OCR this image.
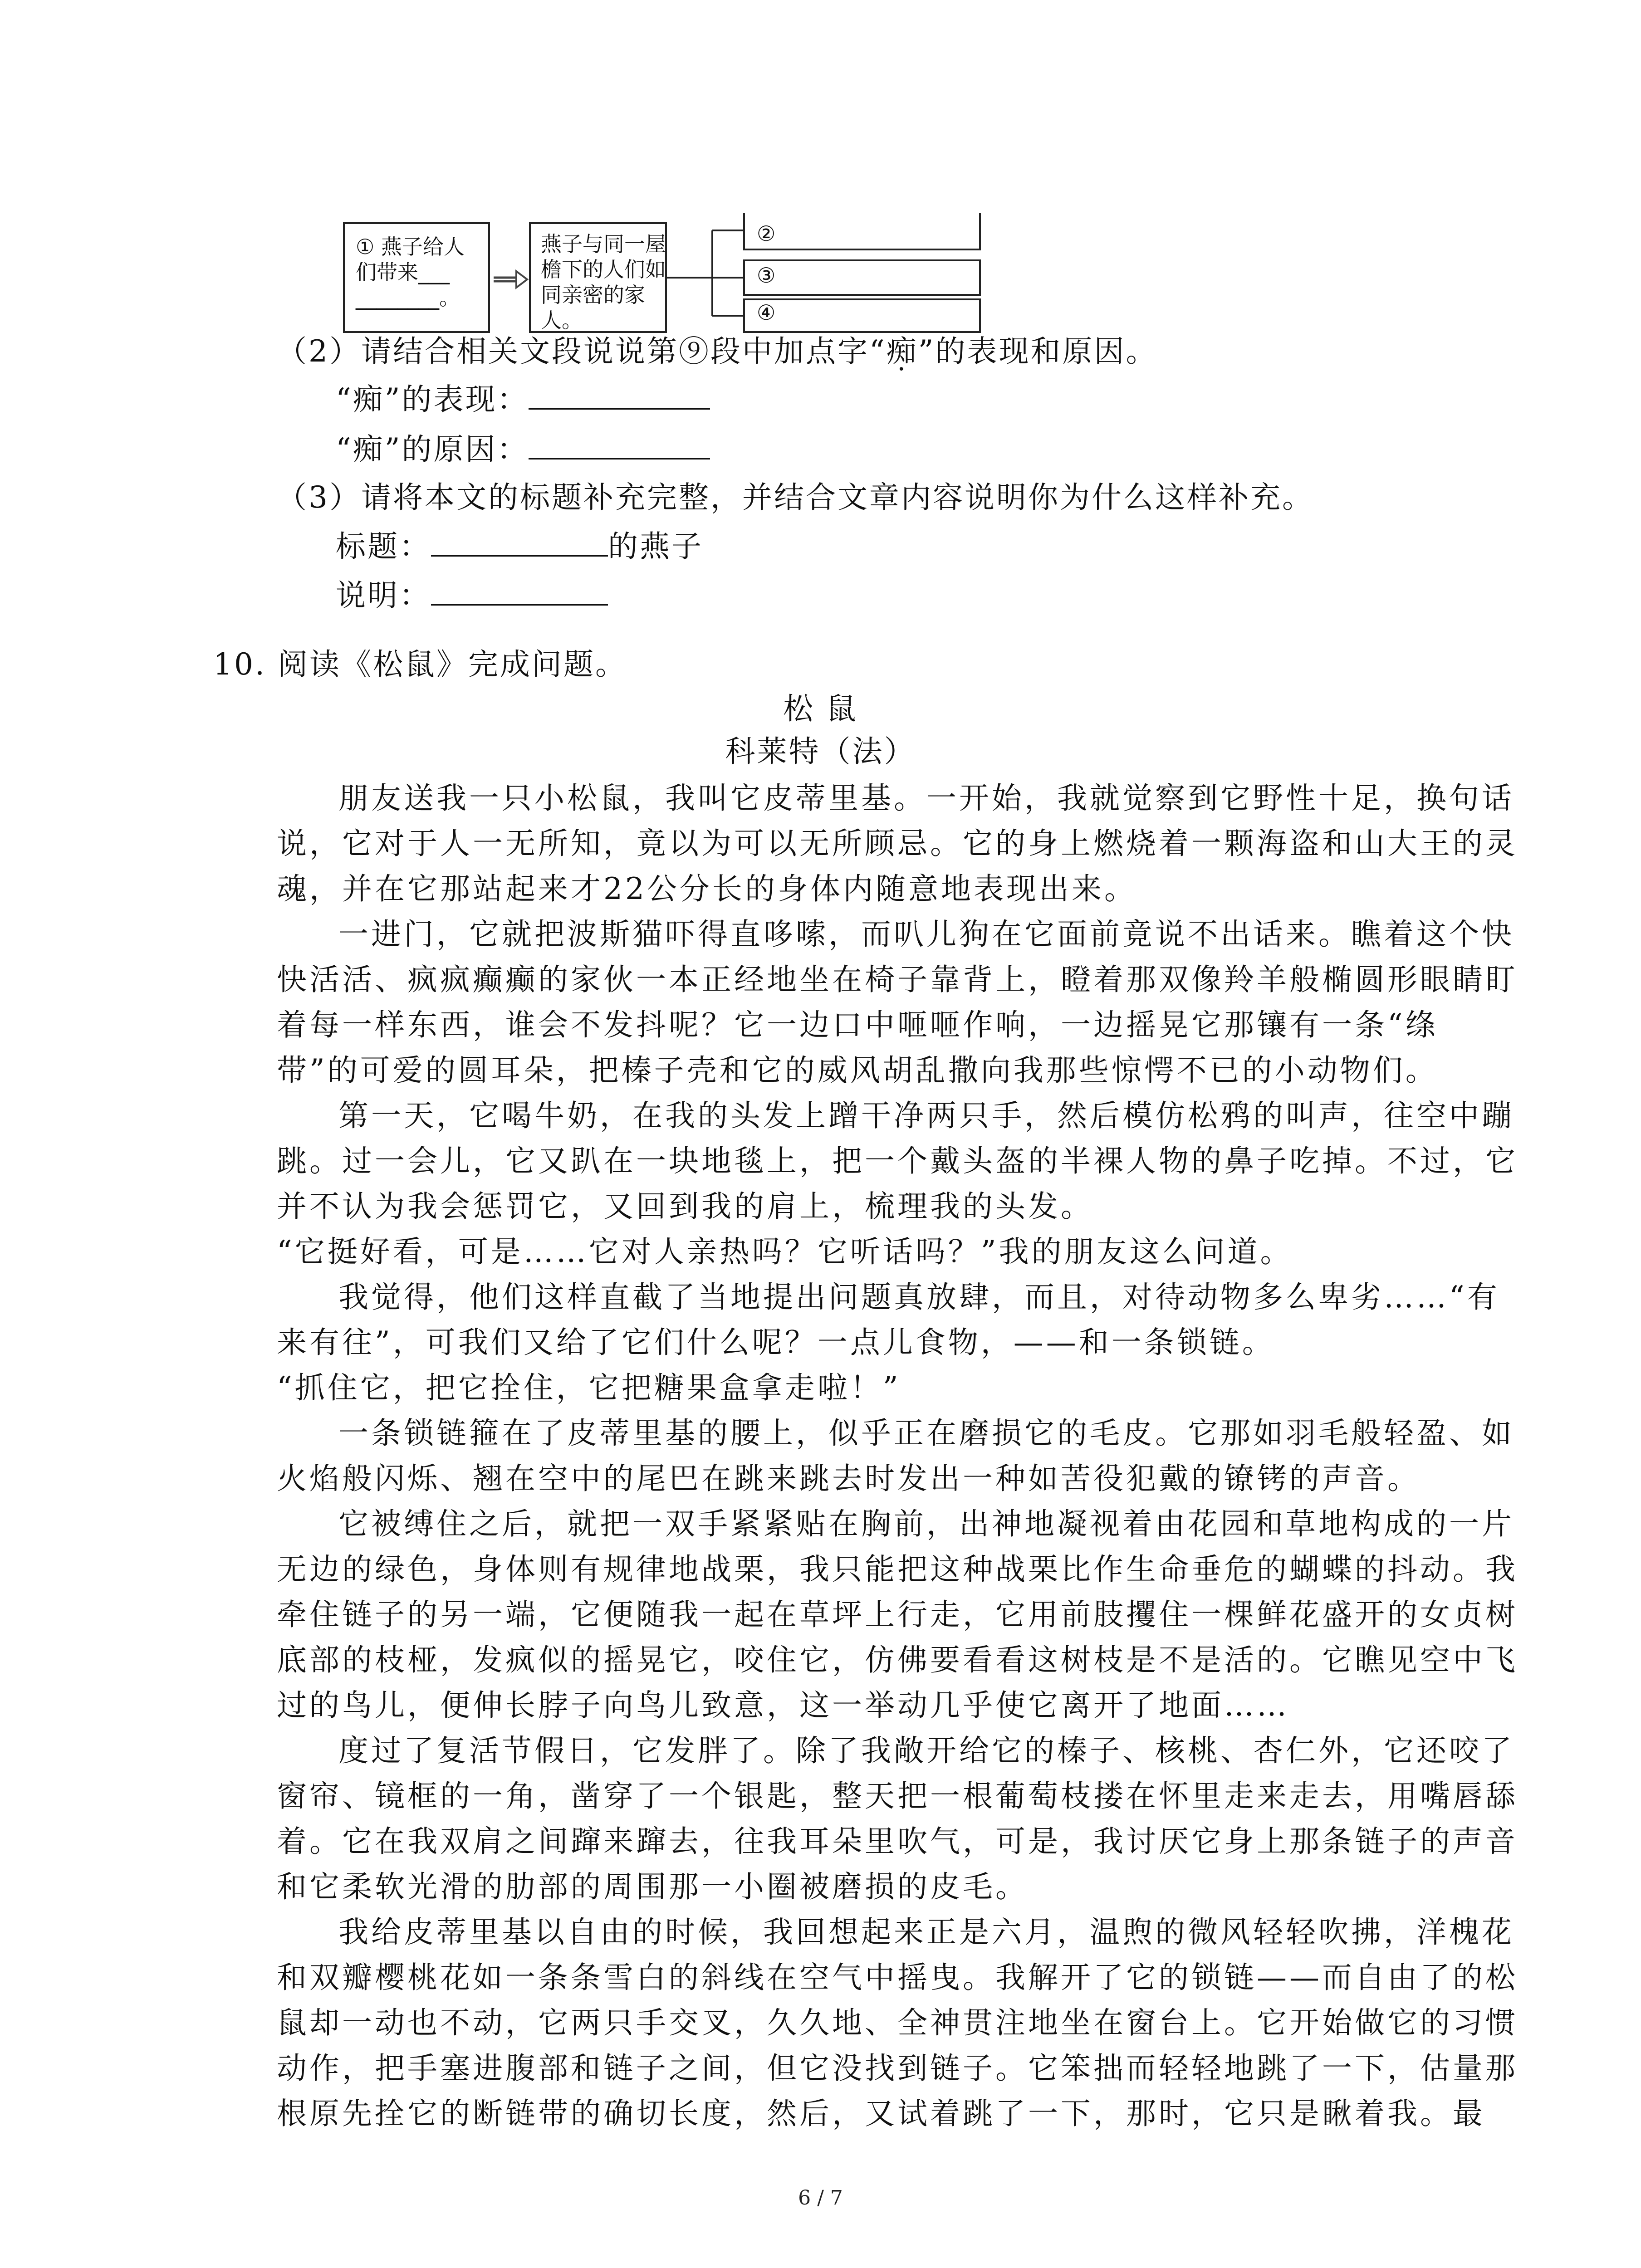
① 燕子给人
们带来___
________。
燕子与同一屋
檐下的人们如
同亲密的家人。
②
③
④
（2）请结合相关文段说说第⑨段中加点字“痴”的表现和原因。
“痴”的表现：
“痴”的原因：
（3）请将本文的标题补充完整，并结合文章内容说明你为什么这样补充。
标题：	的燕子
说明：
10. 阅读《松鼠》完成问题。
松 鼠
科莱特（法）
朋友送我一只小松鼠，我叫它皮蒂里基。一开始，我就觉察到它野性十足，换句话
说，它对于人一无所知，竟以为可以无所顾忌。它的身上燃烧着一颗海盗和山大王的灵
魂，并在它那站起来才22公分长的身体内随意地表现出来。
一进门，它就把波斯猫吓得直哆嗦，而叭儿狗在它面前竟说不出话来。瞧着这个快
快活活、疯疯癫癫的家伙一本正经地坐在椅子靠背上，瞪着那双像羚羊般椭圆形眼睛盯
着每一样东西，谁会不发抖呢？它一边口中咂咂作响，一边摇晃它那镶有一条“绦
带”的可爱的圆耳朵，把榛子壳和它的威风胡乱撒向我那些惊愕不已的小动物们。
第一天，它喝牛奶，在我的头发上蹭干净两只手，然后模仿松鸦的叫声，往空中蹦
跳。过一会儿，它又趴在一块地毯上，把一个戴头盔的半裸人物的鼻子吃掉。不过，它
并不认为我会惩罚它，又回到我的肩上，梳理我的头发。
“它挺好看，可是……它对人亲热吗？它听话吗？”我的朋友这么问道。
我觉得，他们这样直截了当地提出问题真放肆，而且，对待动物多么卑劣……“有
来有往”，可我们又给了它们什么呢？一点儿食物，——和一条锁链。
“抓住它，把它拴住，它把糖果盒拿走啦！”
一条锁链箍在了皮蒂里基的腰上，似乎正在磨损它的毛皮。它那如羽毛般轻盈、如
火焰般闪烁、翘在空中的尾巴在跳来跳去时发出一种如苦役犯戴的镣铐的声音。
它被缚住之后，就把一双手紧紧贴在胸前，出神地凝视着由花园和草地构成的一片
无边的绿色，身体则有规律地战栗，我只能把这种战栗比作生命垂危的蝴蝶的抖动。我
牵住链子的另一端，它便随我一起在草坪上行走，它用前肢攫住一棵鲜花盛开的女贞树
底部的枝桠，发疯似的摇晃它，咬住它，仿佛要看看这树枝是不是活的。它瞧见空中飞
过的鸟儿，便伸长脖子向鸟儿致意，这一举动几乎使它离开了地面……
度过了复活节假日，它发胖了。除了我敞开给它的榛子、核桃、杏仁外，它还咬了
窗帘、镜框的一角，凿穿了一个银匙，整天把一根葡萄枝搂在怀里走来走去，用嘴唇舔
着。它在我双肩之间蹿来蹿去，往我耳朵里吹气，可是，我讨厌它身上那条链子的声音
和它柔软光滑的肋部的周围那一小圈被磨损的皮毛。
我给皮蒂里基以自由的时候，我回想起来正是六月，温煦的微风轻轻吹拂，洋槐花
和双瓣樱桃花如一条条雪白的斜线在空气中摇曳。我解开了它的锁链——而自由了的松
鼠却一动也不动，它两只手交叉，久久地、全神贯注地坐在窗台上。它开始做它的习惯
动作，把手塞进腹部和链子之间，但它没找到链子。它笨拙而轻轻地跳了一下，估量那
根原先拴它的断链带的确切长度，然后，又试着跳了一下，那时，它只是瞅着我。最
6 / 7
